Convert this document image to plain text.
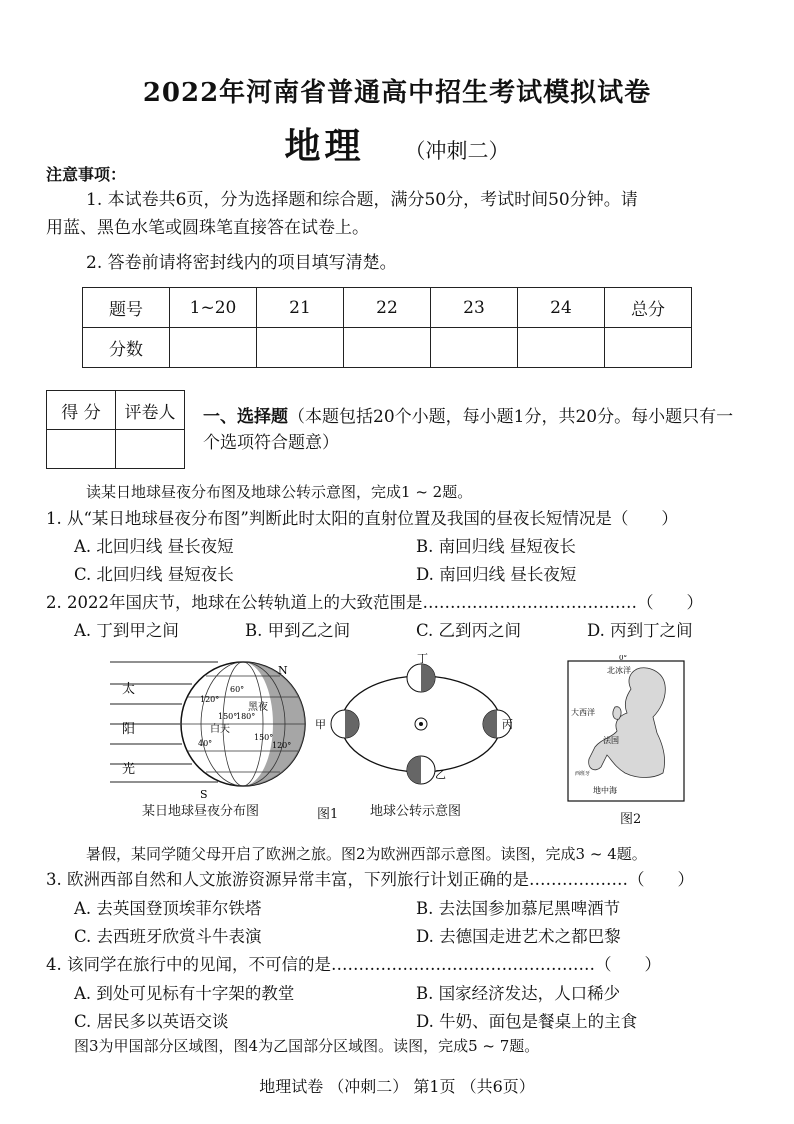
2022年河南省普通高中招生考试模拟试卷
地理 （冲刺二）
注意事项：
1. 本试卷共6页，分为选择题和综合题，满分50分，考试时间50分钟。请
用蓝、黑色水笔或圆珠笔直接答在试卷上。
2. 答卷前请将密封线内的项目填写清楚。
题号	1~20	21	22	23	24	总分
分数						
得 分	评卷人
	一、选择题（本题包括20个小题，每小题1分，共20分。每小题只有一
个选项符合题意）
读某日地球昼夜分布图及地球公转示意图，完成1 ~ 2题。
1. 从“某日地球昼夜分布图”判断此时太阳的直射位置及我国的昼夜长短情况是（　　）
A. 北回归线 昼长夜短	B. 南回归线 昼短夜长
C. 北回归线 昼短夜长	D. 南回归线 昼长夜短
2. 2022年国庆节，地球在公转轨道上的大致范围是…………………………………（　　）
A. 丁到甲之间	B. 甲到乙之间	C. 乙到丙之间	D. 丙到丁之间
太
阳
光
N
S
黑夜
白天
120°
150°
180°
150°
120°
60°
40°
某日地球昼夜分布图
丁
甲	丙
乙
图1 地球公转示意图
0°
北冰洋
大西洋
法国
西班牙
地中海
图2
暑假，某同学随父母开启了欧洲之旅。图2为欧洲西部示意图。读图，完成3 ~ 4题。
3. 欧洲西部自然和人文旅游资源异常丰富，下列旅行计划正确的是………………（　　）
A. 去英国登顶埃菲尔铁塔	B. 去法国参加慕尼黑啤酒节
C. 去西班牙欣赏斗牛表演	D. 去德国走进艺术之都巴黎
4. 该同学在旅行中的见闻，不可信的是…………………………………………（　　）
A. 到处可见标有十字架的教堂	B. 国家经济发达，人口稀少
C. 居民多以英语交谈	D. 牛奶、面包是餐桌上的主食
图3为甲国部分区域图，图4为乙国部分区域图。读图，完成5 ~ 7题。
地理试卷 （冲刺二） 第1页 （共6页）
